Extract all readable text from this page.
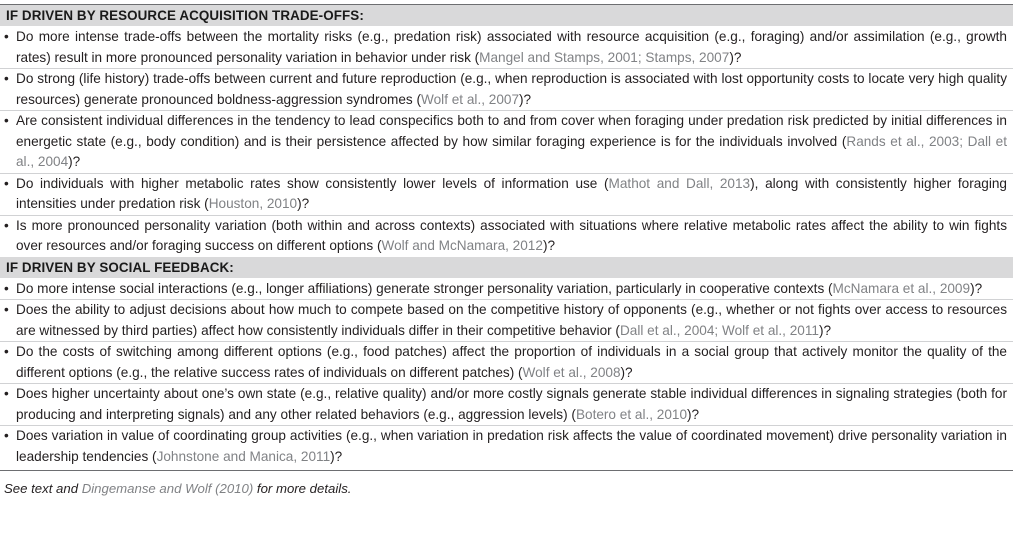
IF DRIVEN BY RESOURCE ACQUISITION TRADE-OFFS:
• Do more intense trade-offs between the mortality risks (e.g., predation risk) associated with resource acquisition (e.g., foraging) and/or assimilation (e.g., growth rates) result in more pronounced personality variation in behavior under risk (Mangel and Stamps, 2001; Stamps, 2007)?
• Do strong (life history) trade-offs between current and future reproduction (e.g., when reproduction is associated with lost opportunity costs to locate very high quality resources) generate pronounced boldness-aggression syndromes (Wolf et al., 2007)?
• Are consistent individual differences in the tendency to lead conspecifics both to and from cover when foraging under predation risk predicted by initial differences in energetic state (e.g., body condition) and is their persistence affected by how similar foraging experience is for the individuals involved (Rands et al., 2003; Dall et al., 2004)?
• Do individuals with higher metabolic rates show consistently lower levels of information use (Mathot and Dall, 2013), along with consistently higher foraging intensities under predation risk (Houston, 2010)?
• Is more pronounced personality variation (both within and across contexts) associated with situations where relative metabolic rates affect the ability to win fights over resources and/or foraging success on different options (Wolf and McNamara, 2012)?
IF DRIVEN BY SOCIAL FEEDBACK:
• Do more intense social interactions (e.g., longer affiliations) generate stronger personality variation, particularly in cooperative contexts (McNamara et al., 2009)?
• Does the ability to adjust decisions about how much to compete based on the competitive history of opponents (e.g., whether or not fights over access to resources are witnessed by third parties) affect how consistently individuals differ in their competitive behavior (Dall et al., 2004; Wolf et al., 2011)?
• Do the costs of switching among different options (e.g., food patches) affect the proportion of individuals in a social group that actively monitor the quality of the different options (e.g., the relative success rates of individuals on different patches) (Wolf et al., 2008)?
• Does higher uncertainty about one’s own state (e.g., relative quality) and/or more costly signals generate stable individual differences in signaling strategies (both for producing and interpreting signals) and any other related behaviors (e.g., aggression levels) (Botero et al., 2010)?
• Does variation in value of coordinating group activities (e.g., when variation in predation risk affects the value of coordinated movement) drive personality variation in leadership tendencies (Johnstone and Manica, 2011)?
See text and Dingemanse and Wolf (2010) for more details.
